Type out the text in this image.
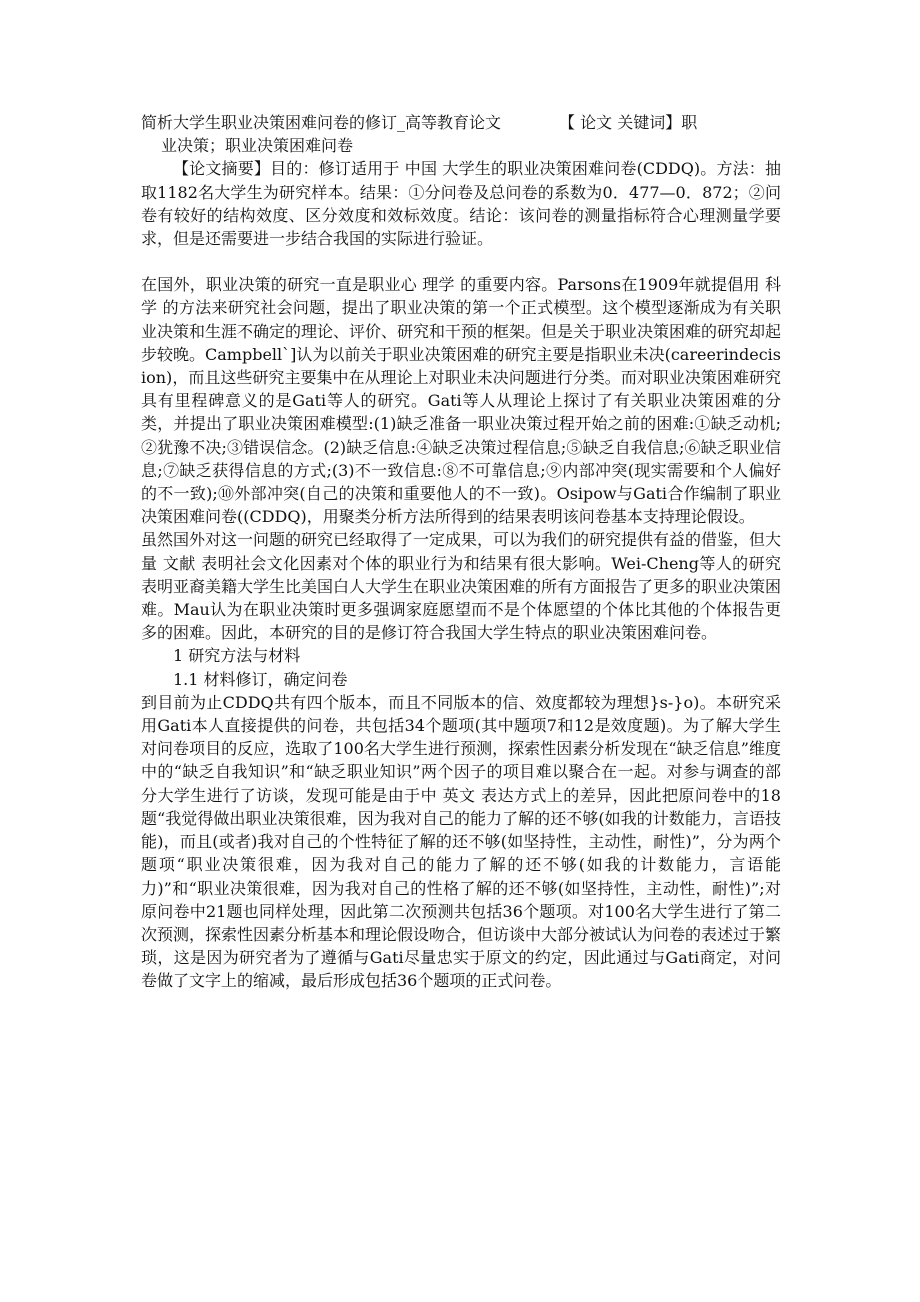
简析大学生职业决策困难问卷的修订_高等教育论文	【 论文 关键词】职

业决策；职业决策困难问卷

【论文摘要】目的：修订适用于 中国 大学生的职业决策困难问卷(CDDQ)。方法：抽取1182名大学生为研究样本。结果：①分问卷及总问卷的系数为0．477—0．872；②问卷有较好的结构效度、区分效度和效标效度。结论：该问卷的测量指标符合心理测量学要求，但是还需要进一步结合我国的实际进行验证。

在国外，职业决策的研究一直是职业心 理学 的重要内容。Parsons在1909年就提倡用 科学 的方法来研究社会问题，提出了职业决策的第一个正式模型。这个模型逐渐成为有关职业决策和生涯不确定的理论、评价、研究和干预的框架。但是关于职业决策困难的研究却起步较晚。Campbell`]认为以前关于职业决策困难的研究主要是指职业未决(careerindecision)，而且这些研究主要集中在从理论上对职业未决问题进行分类。而对职业决策困难研究具有里程碑意义的是Gati等人的研究。Gati等人从理论上探讨了有关职业决策困难的分类，并提出了职业决策困难模型:(1)缺乏准备一职业决策过程开始之前的困难:①缺乏动机;②犹豫不决;③错误信念。(2)缺乏信息:④缺乏决策过程信息;⑤缺乏自我信息;⑥缺乏职业信息;⑦缺乏获得信息的方式;(3)不一致信息:⑧不可靠信息;⑨内部冲突(现实需要和个人偏好的不一致);⑩外部冲突(自己的决策和重要他人的不一致)。Osipow与Gati合作编制了职业决策困难问卷((CDDQ)，用聚类分析方法所得到的结果表明该问卷基本支持理论假设。

虽然国外对这一问题的研究已经取得了一定成果，可以为我们的研究提供有益的借鉴，但大量 文献 表明社会文化因素对个体的职业行为和结果有很大影响。Wei-Cheng等人的研究表明亚裔美籍大学生比美国白人大学生在职业决策困难的所有方面报告了更多的职业决策困难。Mau认为在职业决策时更多强调家庭愿望而不是个体愿望的个体比其他的个体报告更多的困难。因此，本研究的目的是修订符合我国大学生特点的职业决策困难问卷。

1 研究方法与材料

1.1 材料修订，确定问卷

到目前为止CDDQ共有四个版本，而且不同版本的信、效度都较为理想}s-}o)。本研究采用Gati本人直接提供的问卷，共包括34个题项(其中题项7和12是效度题)。为了解大学生对问卷项目的反应，选取了100名大学生进行预测，探索性因素分析发现在“缺乏信息”维度中的“缺乏自我知识”和“缺乏职业知识”两个因子的项目难以聚合在一起。对参与调查的部分大学生进行了访谈，发现可能是由于中 英文 表达方式上的差异，因此把原问卷中的18题“我觉得做出职业决策很难，因为我对自己的能力了解的还不够(如我的计数能力，言语技能)，而且(或者)我对自己的个性特征了解的还不够(如坚持性，主动性，耐性)”，分为两个题项“职业决策很难，因为我对自己的能力了解的还不够(如我的计数能力，言语能力)”和“职业决策很难，因为我对自己的性格了解的还不够(如坚持性，主动性，耐性)”;对原问卷中21题也同样处理，因此第二次预测共包括36个题项。对100名大学生进行了第二次预测，探索性因素分析基本和理论假设吻合，但访谈中大部分被试认为问卷的表述过于繁琐，这是因为研究者为了遵循与Gati尽量忠实于原文的约定，因此通过与Gati商定，对问卷做了文字上的缩减，最后形成包括36个题项的正式问卷。
